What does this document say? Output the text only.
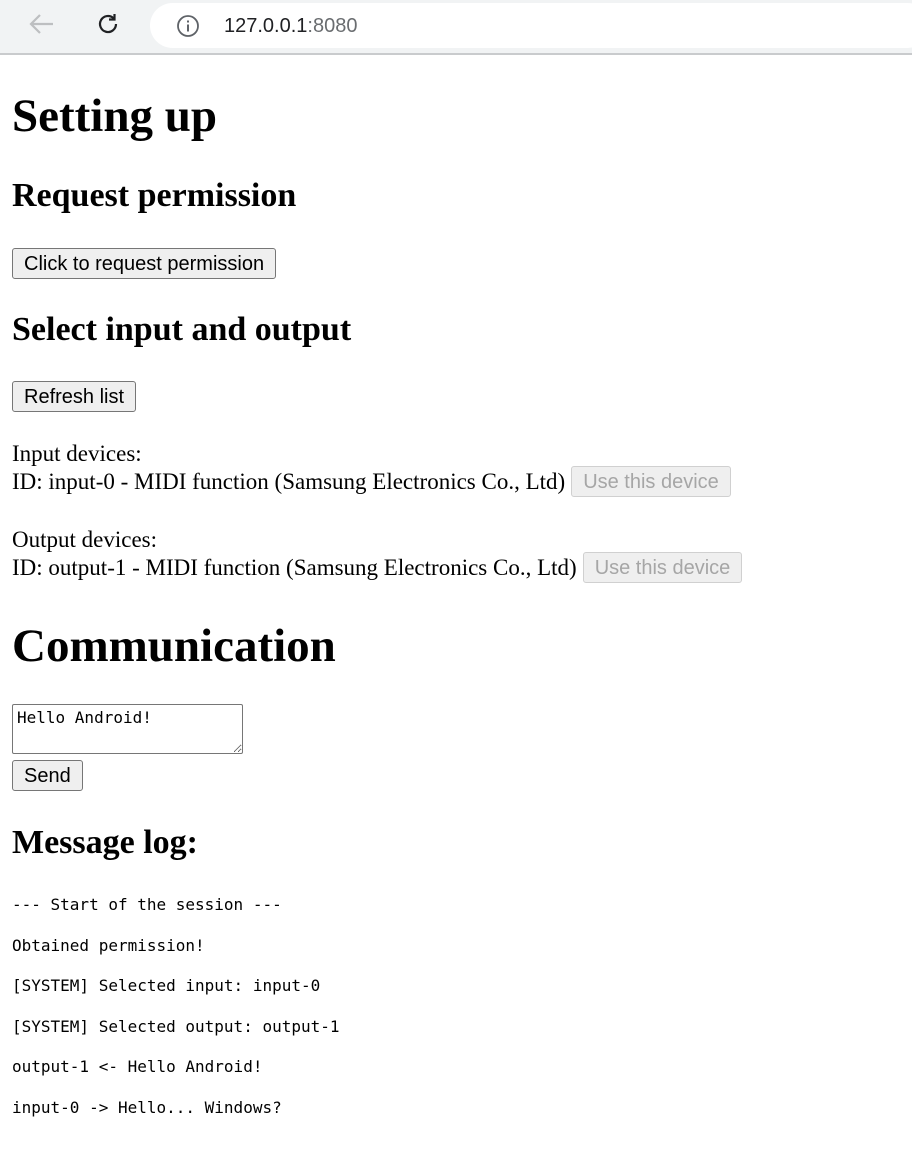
127.0.0.1:8080
Setting up
Request permission
Click to request permission
Select input and output
Refresh list
Input devices:
ID: input-0 - MIDI function (Samsung Electronics Co., Ltd) Use this device
Output devices:
ID: output-1 - MIDI function (Samsung Electronics Co., Ltd) Use this device
Communication
Hello Android!
Send
Message log:
--- Start of the session ---
Obtained permission!
[SYSTEM] Selected input: input-0
[SYSTEM] Selected output: output-1
output-1 <- Hello Android!
input-0 -> Hello... Windows?
